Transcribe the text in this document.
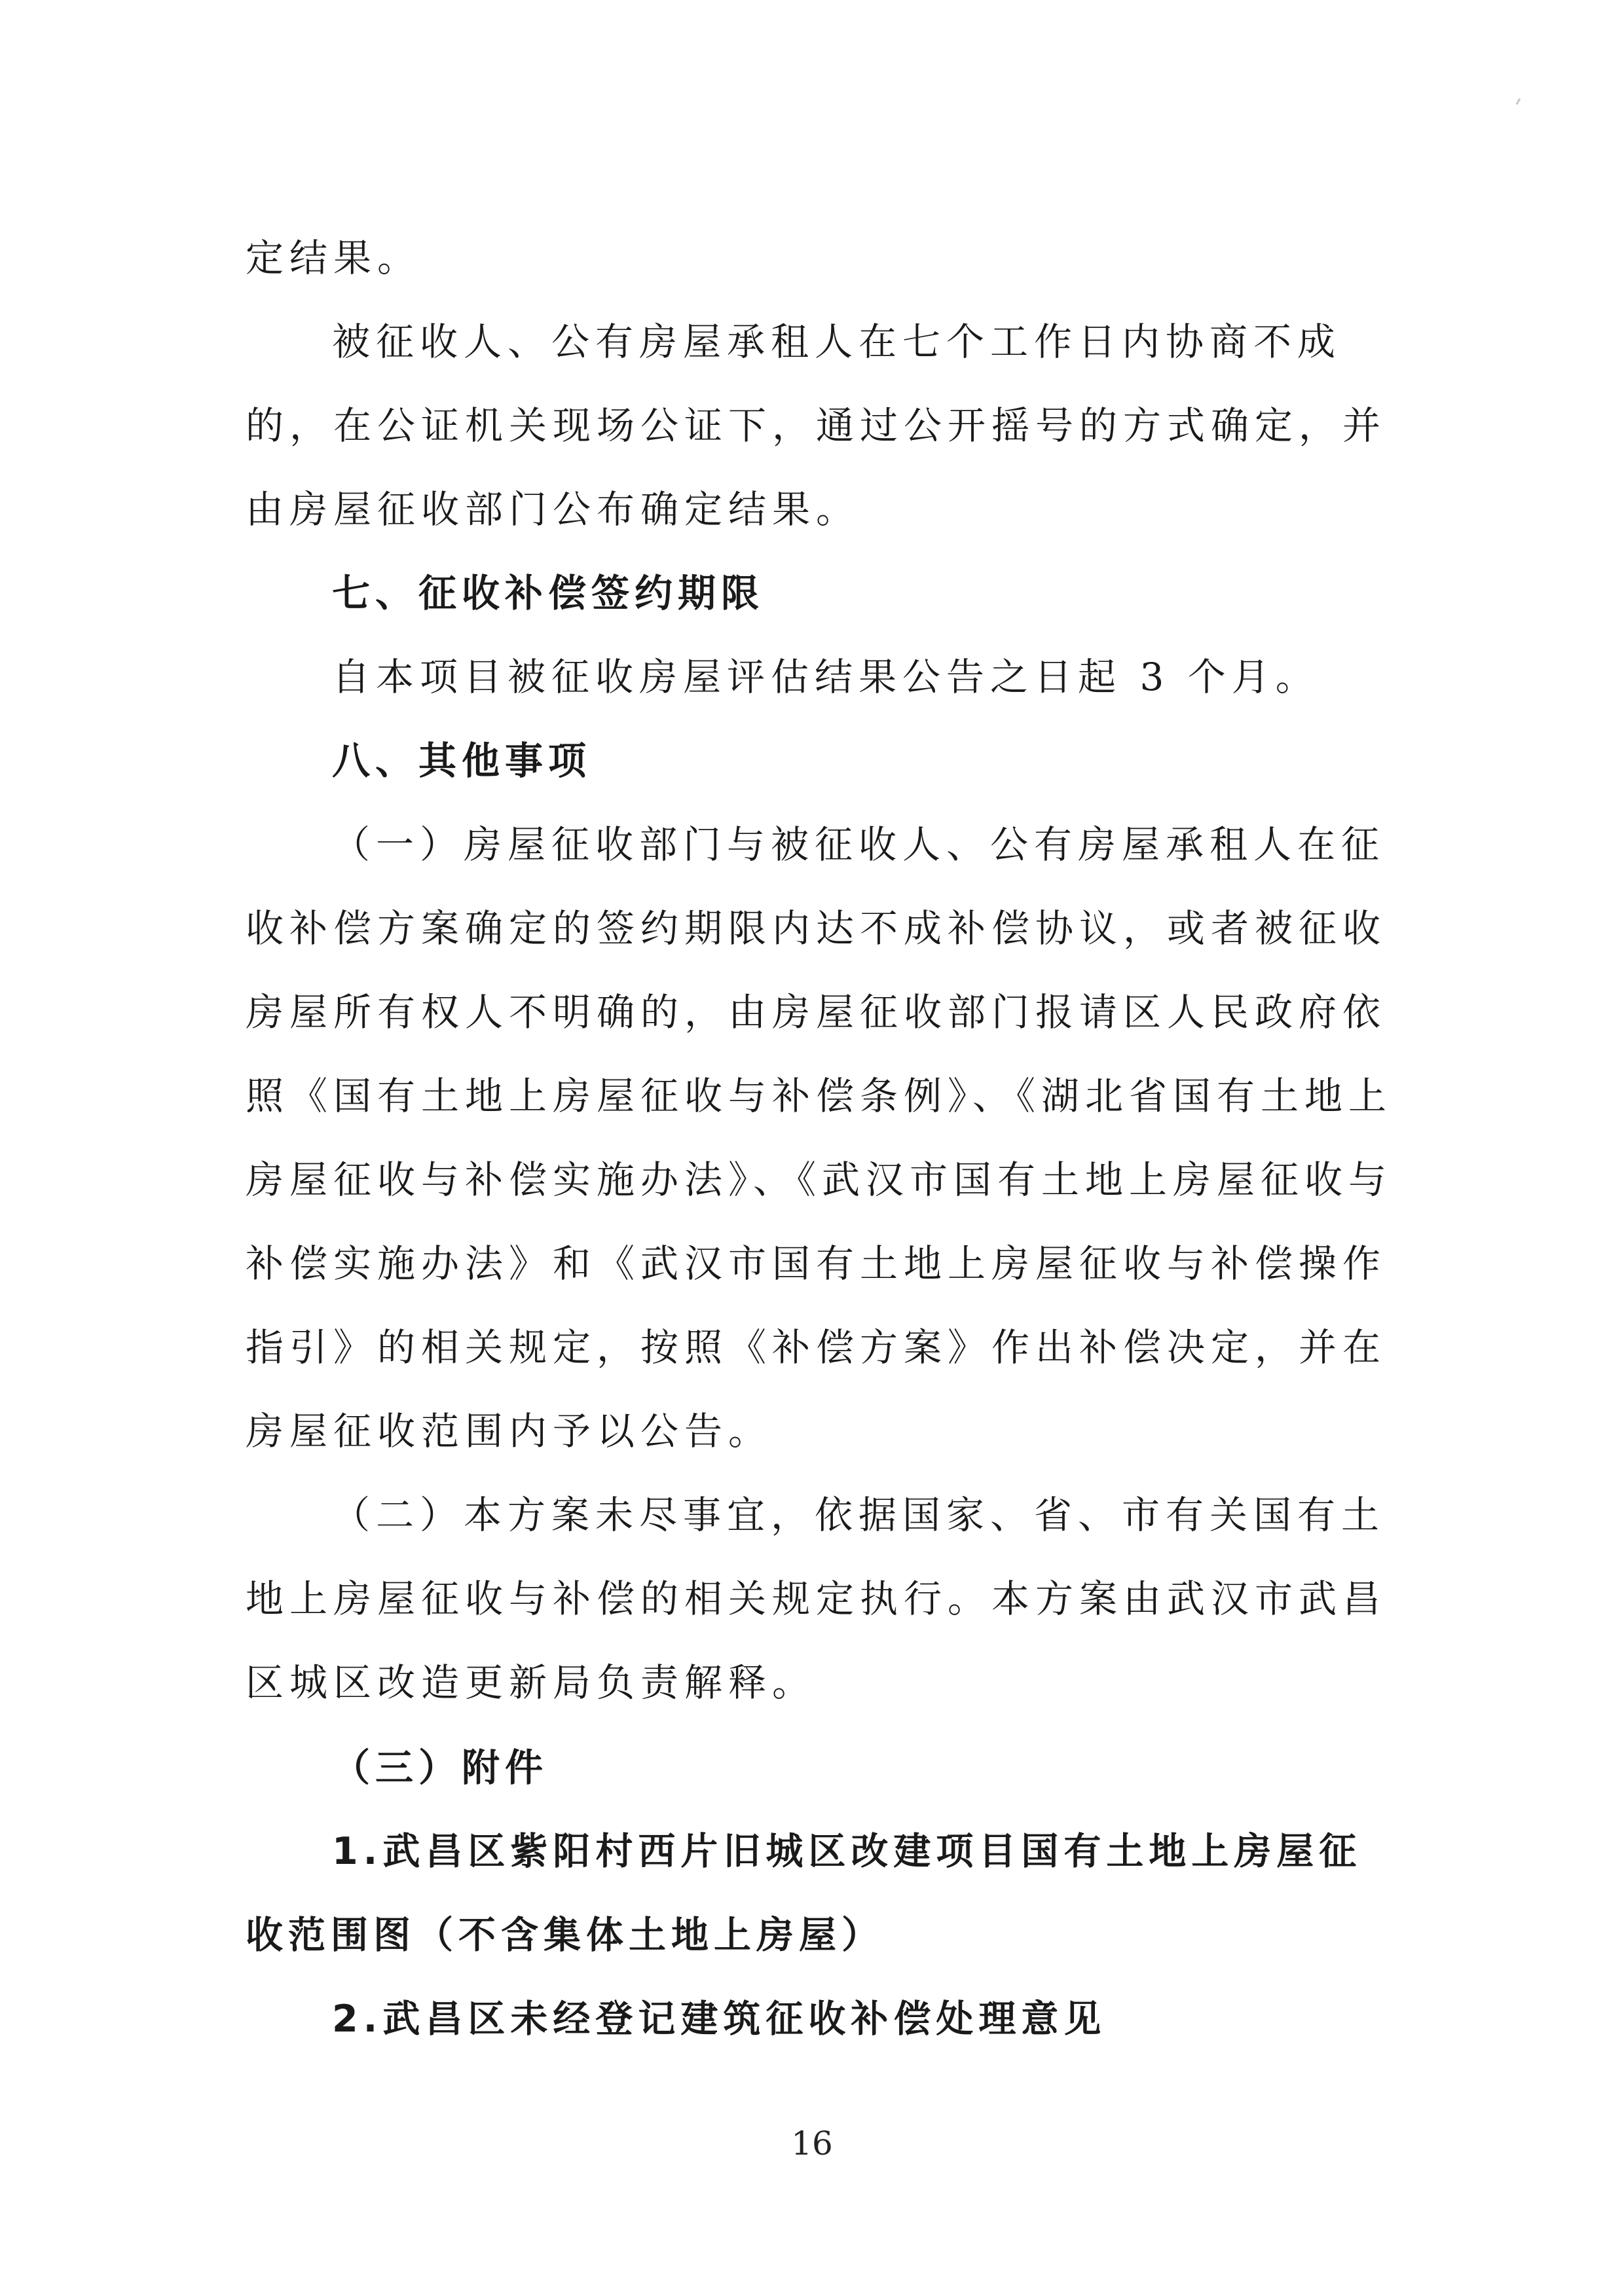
定结果。

被征收人、公有房屋承租人在七个工作日内协商不成的，在公证机关现场公证下，通过公开摇号的方式确定，并由房屋征收部门公布确定结果。

七、征收补偿签约期限

自本项目被征收房屋评估结果公告之日起 3 个月。

八、其他事项

（一）房屋征收部门与被征收人、公有房屋承租人在征收补偿方案确定的签约期限内达不成补偿协议，或者被征收房屋所有权人不明确的，由房屋征收部门报请区人民政府依照《国有土地上房屋征收与补偿条例》、《湖北省国有土地上房屋征收与补偿实施办法》、《武汉市国有土地上房屋征收与补偿实施办法》和《武汉市国有土地上房屋征收与补偿操作指引》的相关规定，按照《补偿方案》作出补偿决定，并在房屋征收范围内予以公告。

（二）本方案未尽事宜，依据国家、省、市有关国有土地上房屋征收与补偿的相关规定执行。本方案由武汉市武昌区城区改造更新局负责解释。

（三）附件

1.武昌区紫阳村西片旧城区改建项目国有土地上房屋征收范围图（不含集体土地上房屋）

2.武昌区未经登记建筑征收补偿处理意见

16
